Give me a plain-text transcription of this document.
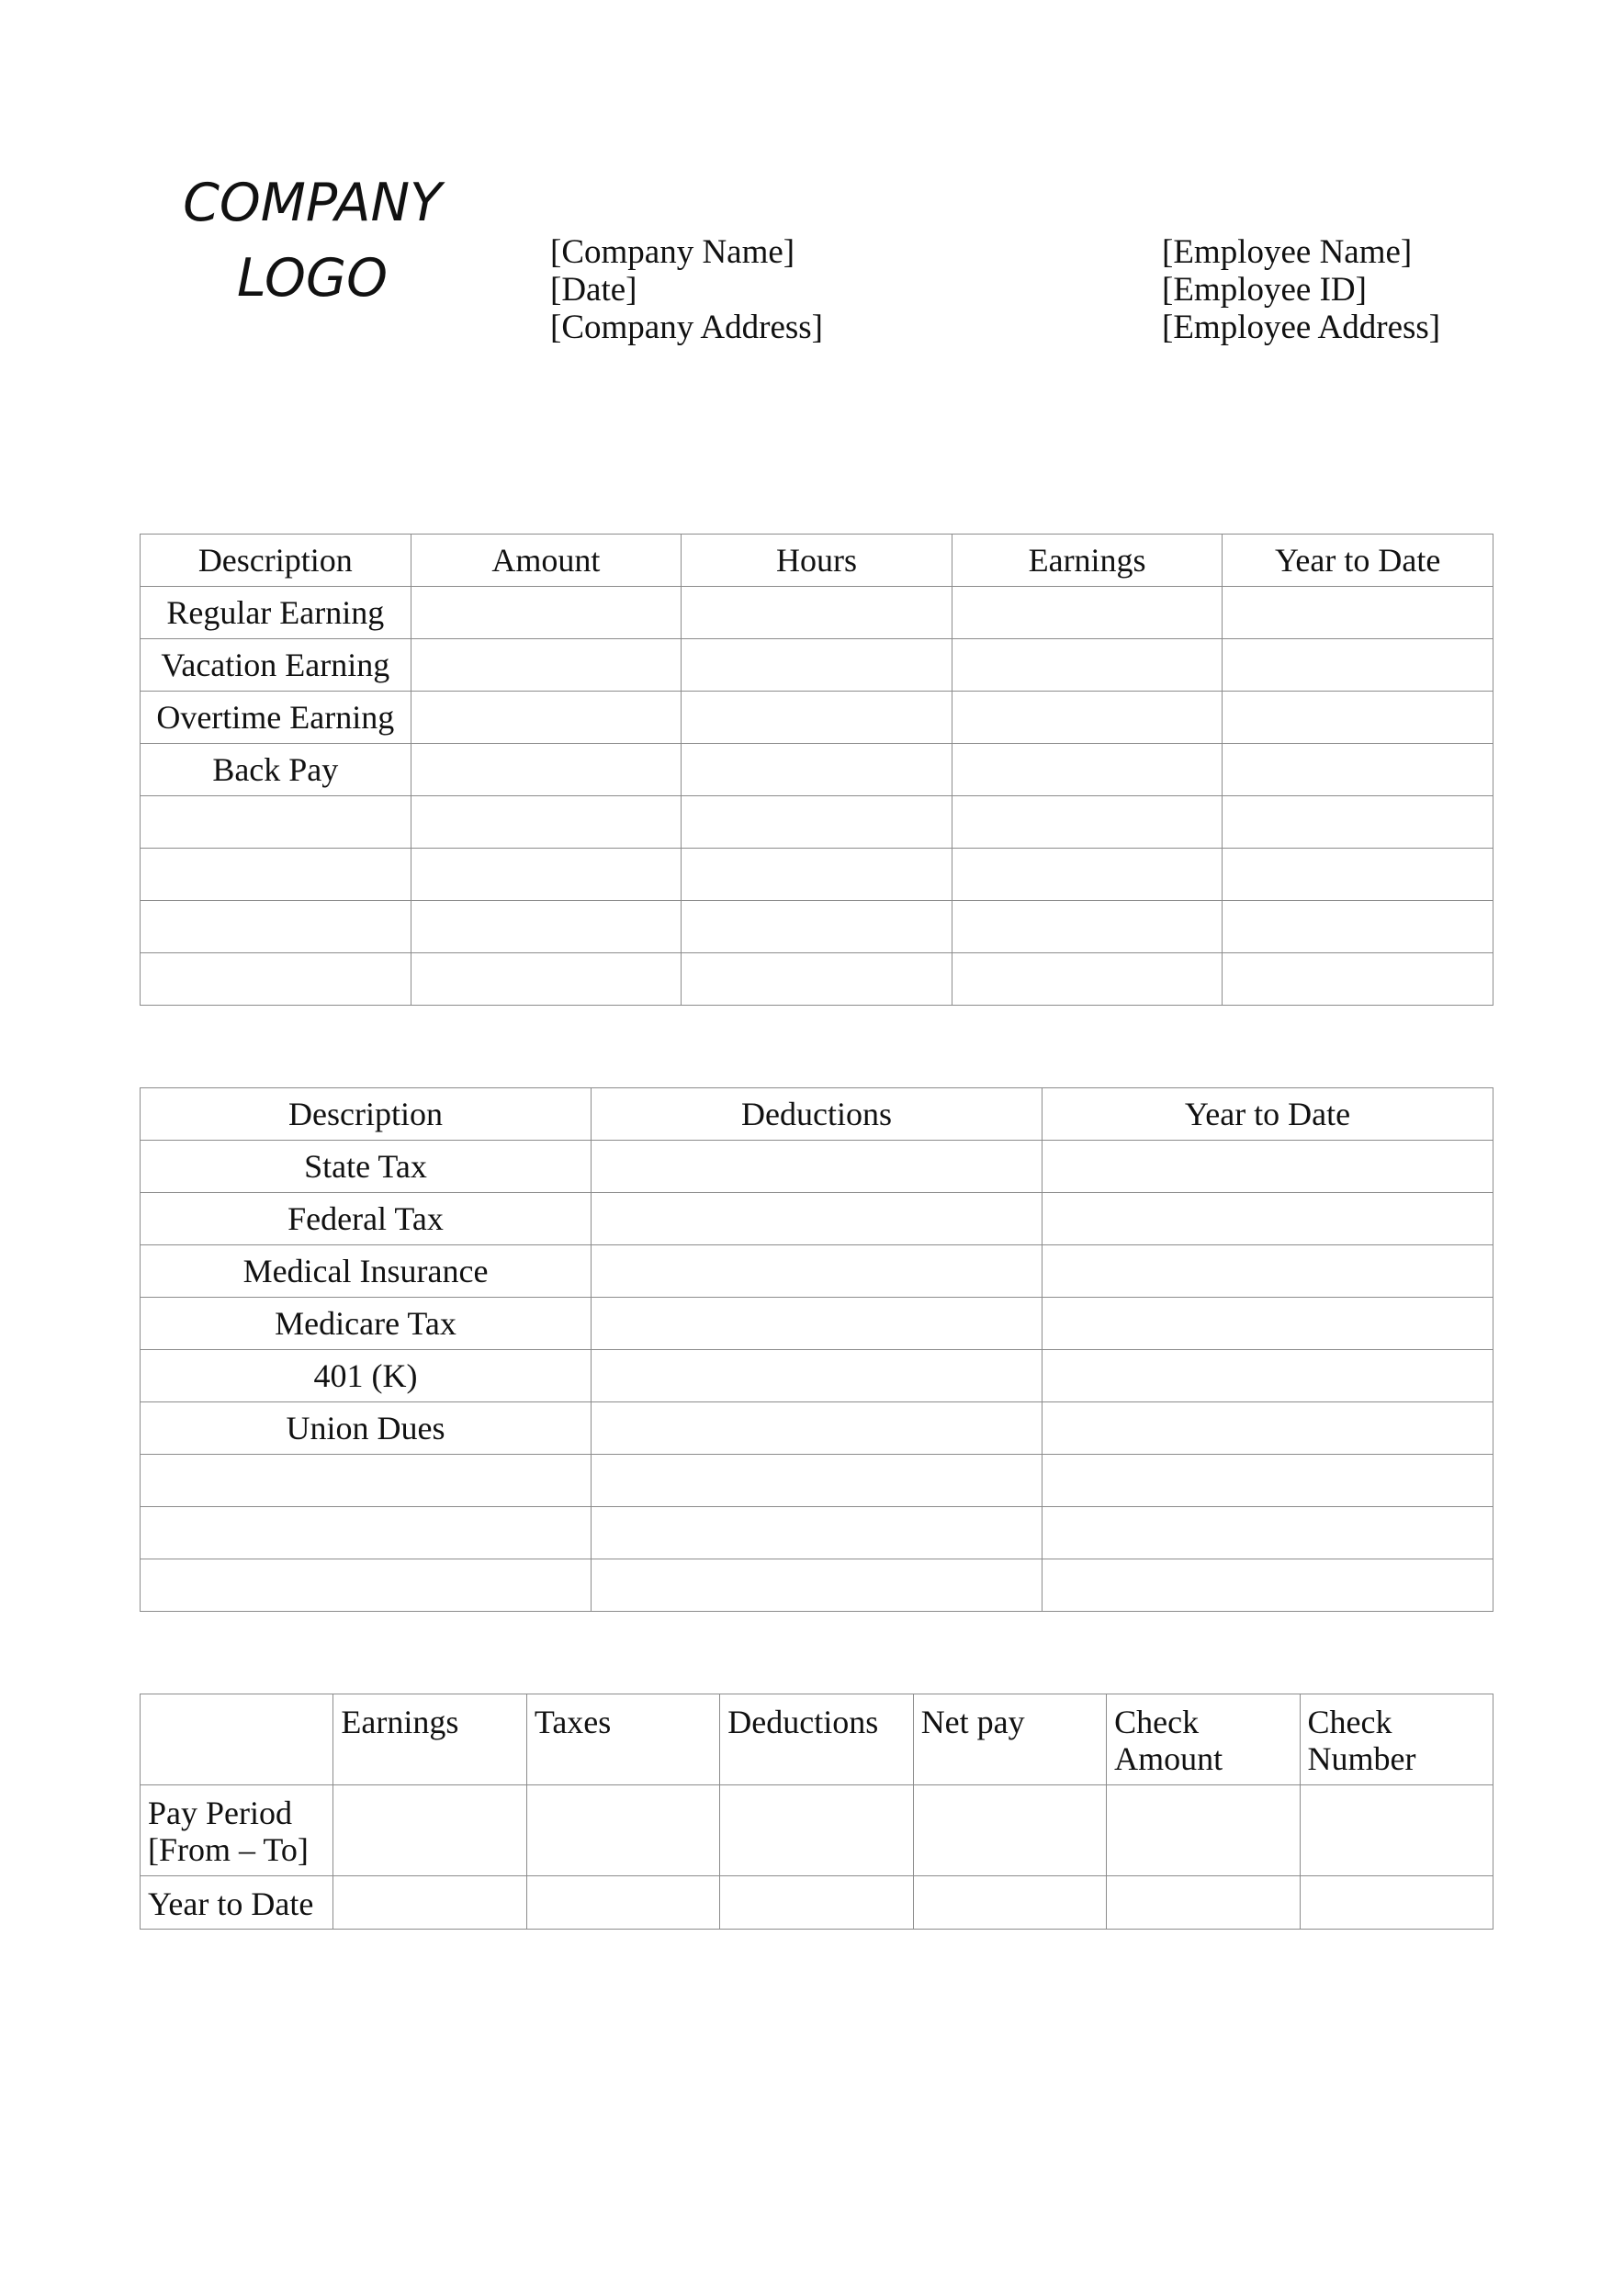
COMPANY
LOGO	[Company Name]
[Date]
[Company Address]
[Employee Name]
[Employee ID]
[Employee Address]
Description	Amount	Hours	Earnings	Year to Date
Regular Earning				
Vacation Earning				
Overtime Earning				
Back Pay				

Description	Deductions	Year to Date
State Tax		
Federal Tax		
Medical Insurance		
Medicare Tax		
401 (K)		
Union Dues		

	Earnings	Taxes	Deductions	Net pay	Check Amount	Check Number
Pay Period [From – To]						
Year to Date						
